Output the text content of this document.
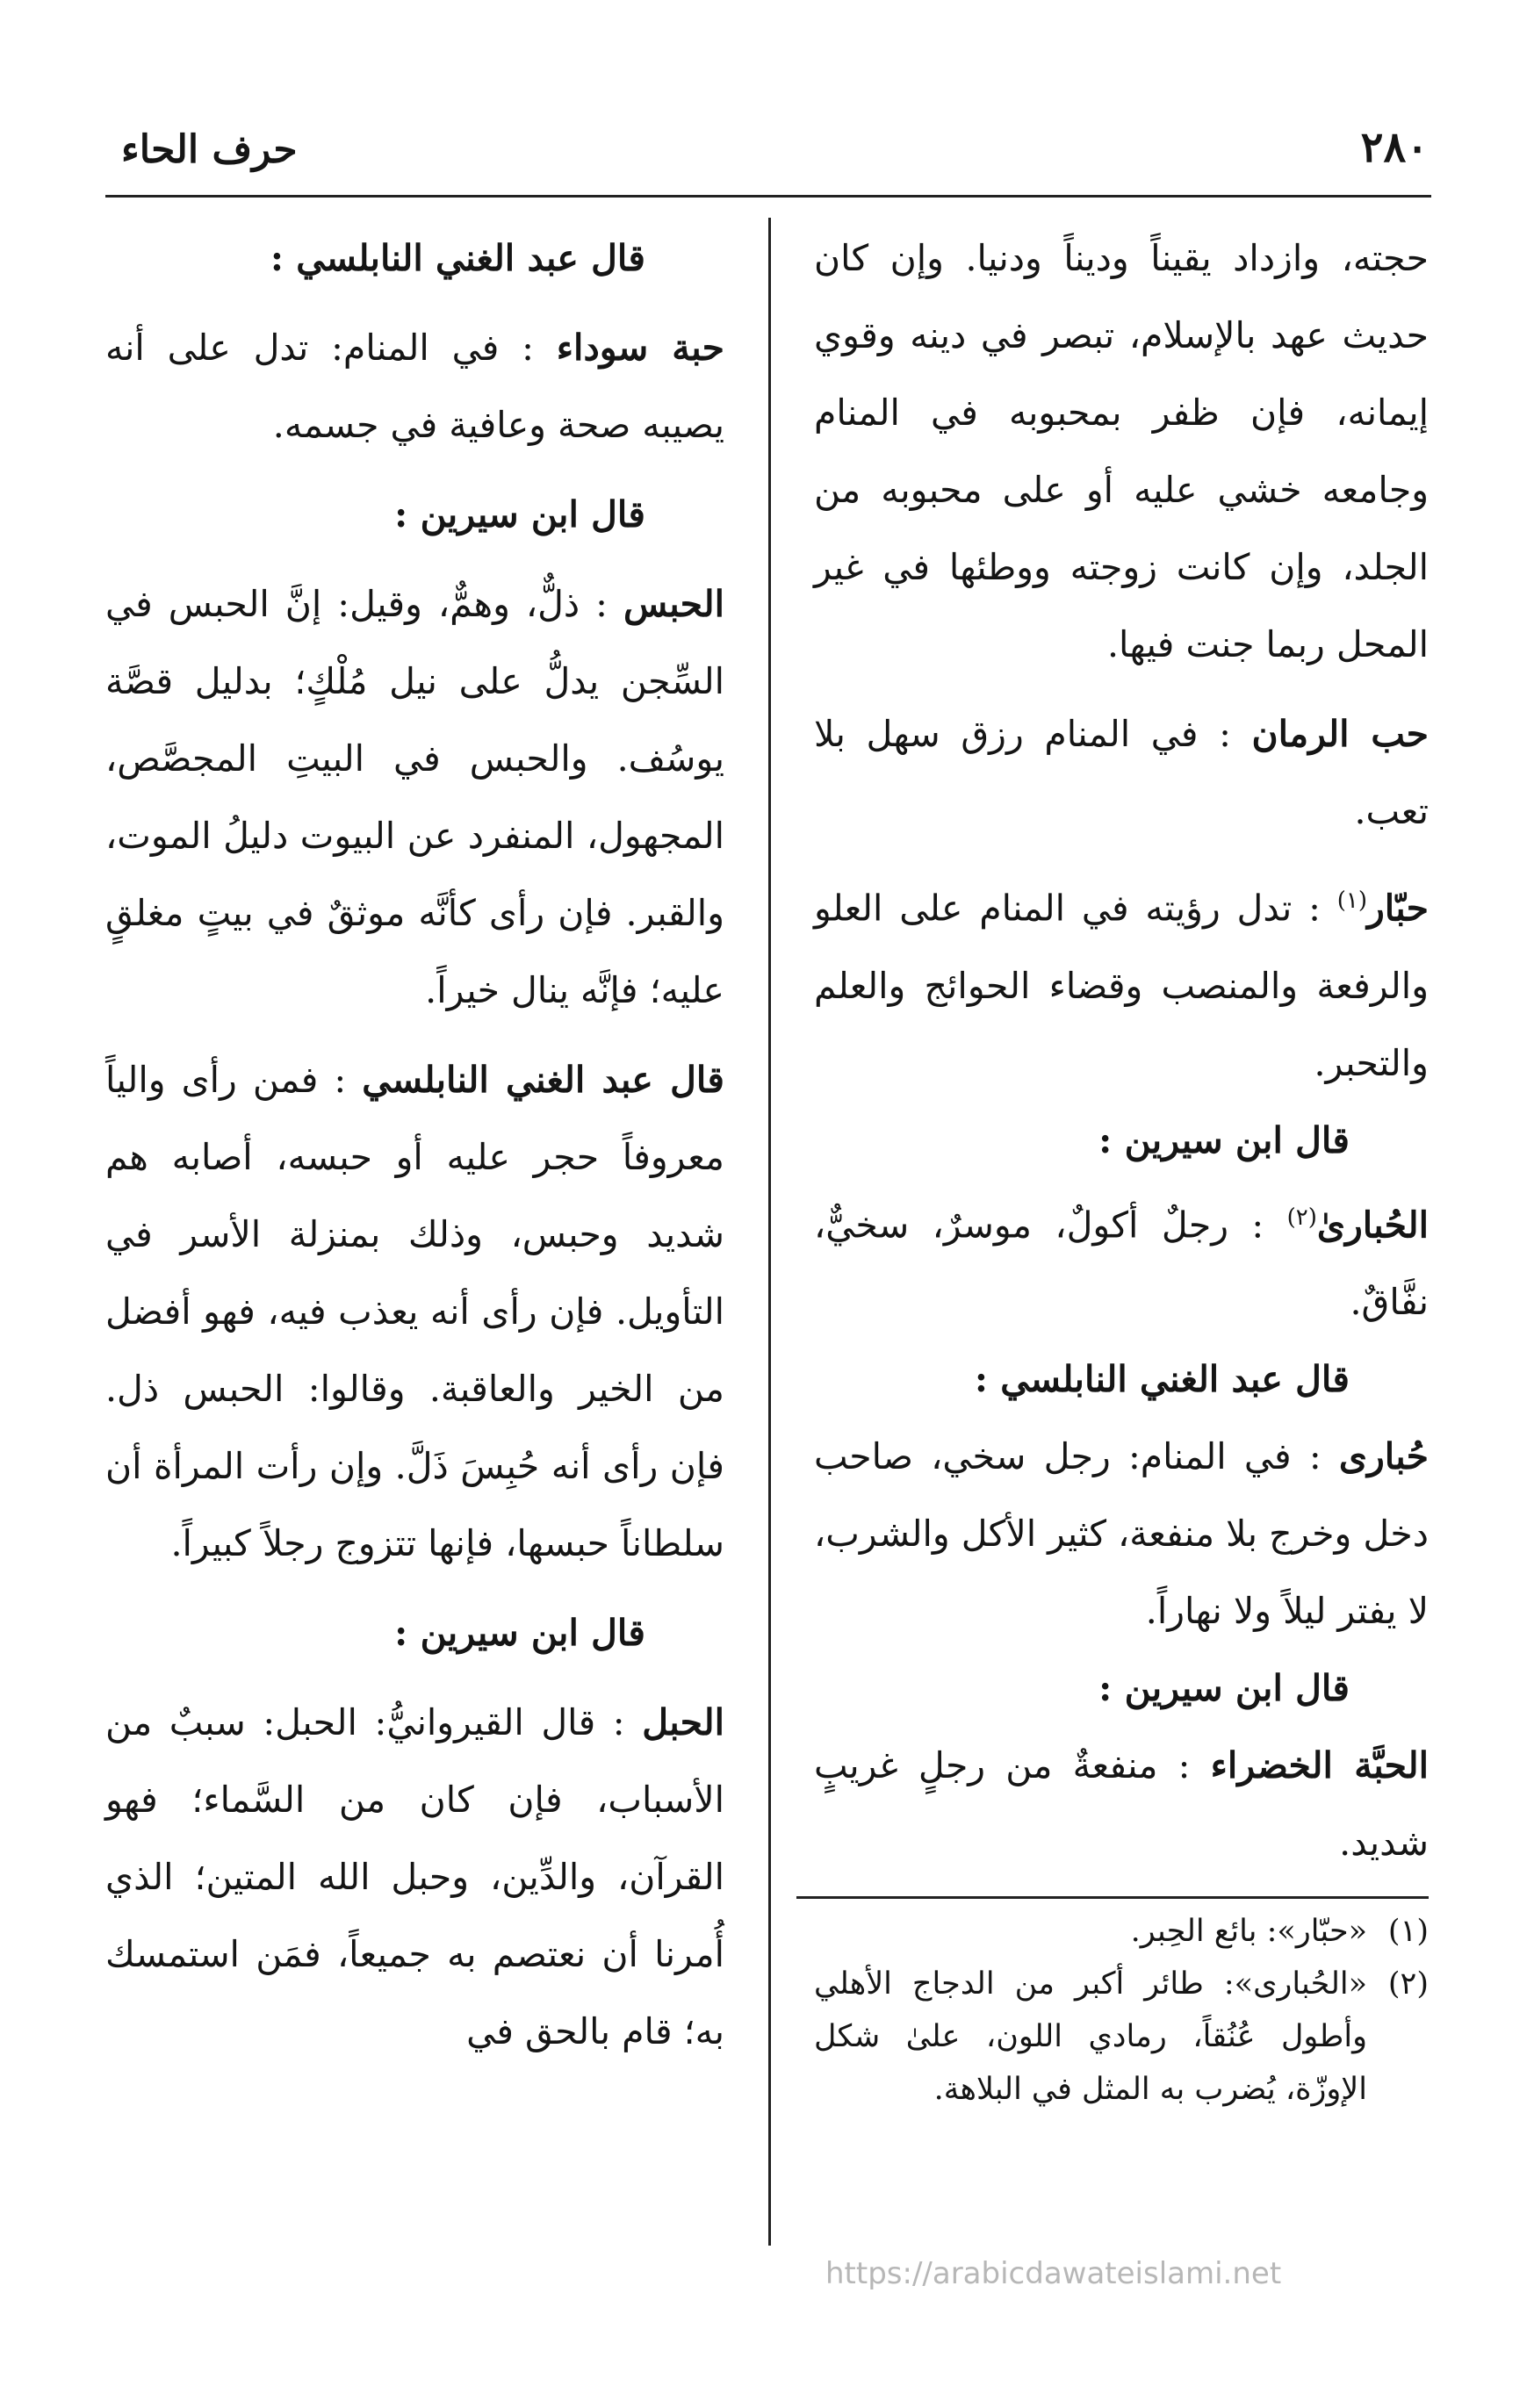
٢٨٠
حرف الحاء

حجته، وازداد يقيناً وديناً ودنيا. وإن كان حديث عهد بالإسلام، تبصر في دينه وقوي إيمانه، فإن ظفر بمحبوبه في المنام وجامعه خشي عليه أو على محبوبه من الجلد، وإن كانت زوجته ووطئها في غير المحل ربما جنت فيها.

حب الرمان : في المنام رزق سهل بلا تعب.

حبّار$^{(١)}$ : تدل رؤيته في المنام على العلو والرفعة والمنصب وقضاء الحوائج والعلم والتحبر.

قال ابن سيرين :

الحُبارىٰ$^{(٢)}$ : رجلٌ أكولٌ، موسرٌ، سخيٌّ، نفَّاقٌ.

قال عبد الغني النابلسي :

حُبارى : في المنام: رجل سخي، صاحب دخل وخرج بلا منفعة، كثير الأكل والشرب، لا يفتر ليلاً ولا نهاراً.

قال ابن سيرين :

الحبَّة الخضراء : منفعةٌ من رجلٍ غريبٍ شديد.

(١)
«حبّار»: بائع الحِبر.
(٢)
«الحُبارى»: طائر أكبر من الدجاج الأهلي وأطول عُنُقاً، رمادي اللون، علىٰ شكل الإوزّة، يُضرب به المثل في البلاهة.

قال عبد الغني النابلسي :

حبة سوداء : في المنام: تدل على أنه يصيبه صحة وعافية في جسمه.

قال ابن سيرين :

الحبس : ذلٌّ، وهمٌّ، وقيل: إنَّ الحبس في السِّجن يدلُّ على نيل مُلْكٍ؛ بدليل قصَّة يوسُف. والحبس في البيتِ المجصَّص، المجهول، المنفرد عن البيوت دليلُ الموت، والقبر. فإن رأى كأنَّه موثقٌ في بيتٍ مغلقٍ عليه؛ فإنَّه ينال خيراً.

قال عبد الغني النابلسي : فمن رأى والياً معروفاً حجر عليه أو حبسه، أصابه هم شديد وحبس، وذلك بمنزلة الأسر في التأويل. فإن رأى أنه يعذب فيه، فهو أفضل من الخير والعاقبة. وقالوا: الحبس ذل. فإن رأى أنه حُبِسَ ذَلَّ. وإن رأت المرأة أن سلطاناً حبسها، فإنها تتزوج رجلاً كبيراً.

قال ابن سيرين :

الحبل : قال القيروانيُّ: الحبل: سببٌ من الأسباب، فإن كان من السَّماء؛ فهو القرآن، والدِّين، وحبل الله المتين؛ الذي أُمرنا أن نعتصم به جميعاً، فمَن استمسك به؛ قام بالحق في

https://arabicdawateislami.net
